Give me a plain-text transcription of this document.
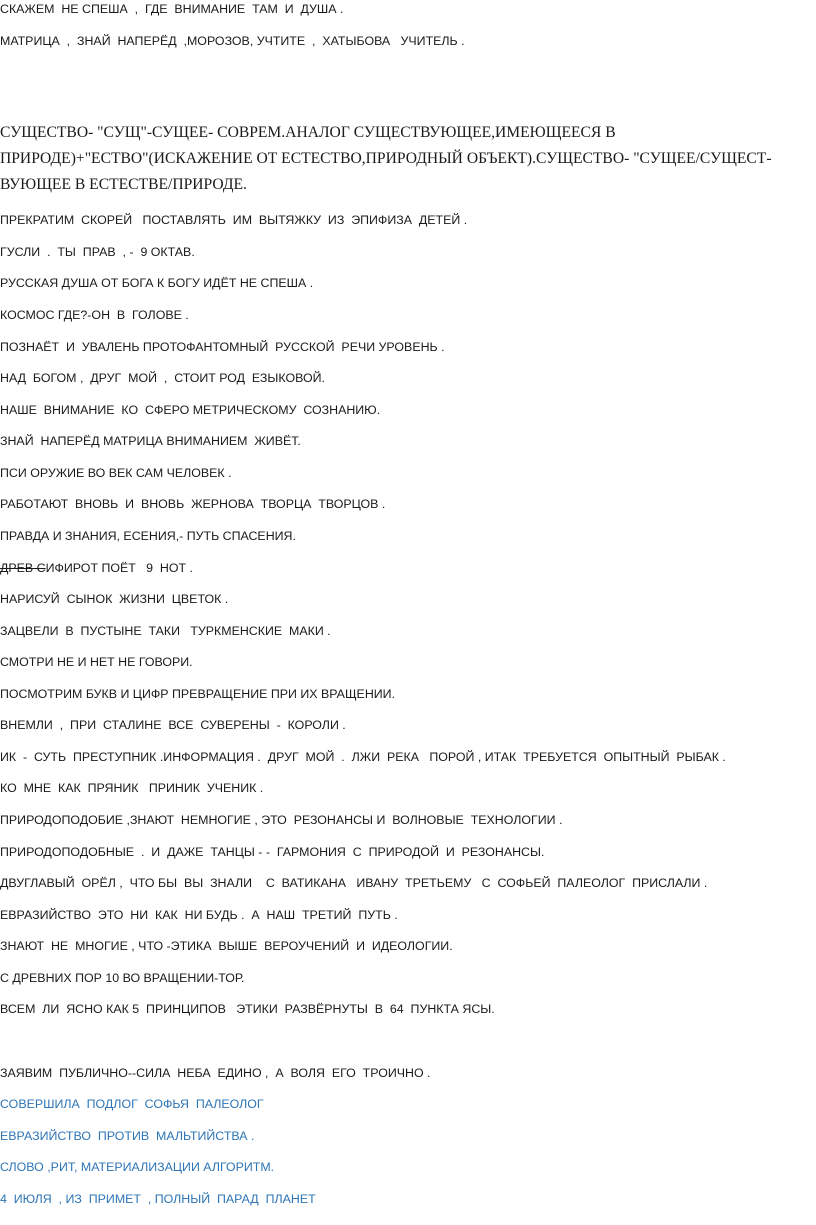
СКАЖЕМ  НЕ СПЕША  ,  ГДЕ  ВНИМАНИЕ  ТАМ  И  ДУША .
МАТРИЦА  ,  ЗНАЙ  НАПЕРЁД  ,МОРОЗОВ, УЧТИТЕ  ,  ХАТЫБОВА   УЧИТЕЛЬ .
СУЩЕСТВО- "СУЩ"-СУЩЕЕ- СОВРЕМ.АНАЛОГ СУЩЕСТВУЮЩЕЕ,ИМЕЮЩЕЕСЯ В
ПРИРОДЕ)+"ЕСТВО"(ИСКАЖЕНИЕ ОТ ЕСТЕСТВО,ПРИРОДНЫЙ ОБЪЕКТ).СУЩЕСТВО- "СУЩЕЕ/СУЩЕСТ-
ВУЮЩЕЕ В ЕСТЕСТВЕ/ПРИРОДЕ.
ПРЕКРАТИМ  СКОРЕЙ   ПОСТАВЛЯТЬ  ИМ  ВЫТЯЖКУ  ИЗ  ЭПИФИЗА  ДЕТЕЙ .
ГУСЛИ  .  ТЫ  ПРАВ  , -  9 ОКТАВ.
РУССКАЯ ДУША ОТ БОГА К БОГУ ИДЁТ НЕ СПЕША .
КОСМОС ГДЕ?-ОН  В  ГОЛОВЕ .
ПОЗНАЁТ  И  УВАЛЕНЬ ПРОТОФАНТОМНЫЙ  РУССКОЙ  РЕЧИ УРОВЕНЬ .
НАД  БОГОМ ,  ДРУГ  МОЙ  ,  СТОИТ РОД  ЕЗЫКОВОЙ.
НАШЕ  ВНИМАНИЕ  КО  СФЕРО МЕТРИЧЕСКОМУ  СОЗНАНИЮ.
ЗНАЙ  НАПЕРЁД МАТРИЦА ВНИМАНИЕМ  ЖИВЁТ.
ПСИ ОРУЖИЕ ВО ВЕК САМ ЧЕЛОВЕК .
РАБОТАЮТ  ВНОВЬ  И  ВНОВЬ  ЖЕРНОВА  ТВОРЦА  ТВОРЦОВ .
ПРАВДА И ЗНАНИЯ, ЕСЕНИЯ,- ПУТЬ СПАСЕНИЯ.
ДРЕВ СИФИРОТ ПОЁТ   9  НОТ .
НАРИСУЙ  СЫНОК  ЖИЗНИ  ЦВЕТОК .
ЗАЦВЕЛИ  В  ПУСТЫНЕ  ТАКИ   ТУРКМЕНСКИЕ  МАКИ .
СМОТРИ НЕ И НЕТ НЕ ГОВОРИ.
ПОСМОТРИМ БУКВ И ЦИФР ПРЕВРАЩЕНИЕ ПРИ ИХ ВРАЩЕНИИ.
ВНЕМЛИ  ,  ПРИ  СТАЛИНЕ  ВСЕ  СУВЕРЕНЫ  -  КОРОЛИ .
ИК  -  СУТЬ  ПРЕСТУПНИК .ИНФОРМАЦИЯ .  ДРУГ  МОЙ  .  ЛЖИ  РЕКА   ПОРОЙ , ИТАК  ТРЕБУЕТСЯ  ОПЫТНЫЙ  РЫБАК .
КО  МНЕ  КАК  ПРЯНИК   ПРИНИК  УЧЕНИК .
ПРИРОДОПОДОБИЕ ,ЗНАЮТ  НЕМНОГИЕ , ЭТО  РЕЗОНАНСЫ И  ВОЛНОВЫЕ  ТЕХНОЛОГИИ .
ПРИРОДОПОДОБНЫЕ  .  И  ДАЖЕ  ТАНЦЫ - -  ГАРМОНИЯ  С  ПРИРОДОЙ  И  РЕЗОНАНСЫ.
ДВУГЛАВЫЙ  ОРЁЛ ,  ЧТО БЫ  ВЫ  ЗНАЛИ    С  ВАТИКАНА   ИВАНУ  ТРЕТЬЕМУ   С  СОФЬЕЙ  ПАЛЕОЛОГ  ПРИСЛАЛИ .
ЕВРАЗИЙСТВО  ЭТО  НИ  КАК  НИ БУДЬ .  А  НАШ  ТРЕТИЙ  ПУТЬ .
ЗНАЮТ  НЕ  МНОГИЕ , ЧТО -ЭТИКА  ВЫШЕ  ВЕРОУЧЕНИЙ  И  ИДЕОЛОГИИ.
С ДРЕВНИХ ПОР 10 ВО ВРАЩЕНИИ-ТОР.
ВСЕМ  ЛИ  ЯСНО КАК 5  ПРИНЦИПОВ   ЭТИКИ  РАЗВЁРНУТЫ  В  64  ПУНКТА ЯСЫ.
ЗАЯВИМ  ПУБЛИЧНО--СИЛА  НЕБА  ЕДИНО ,  А  ВОЛЯ  ЕГО  ТРОИЧНО .
СОВЕРШИЛА  ПОДЛОГ  СОФЬЯ  ПАЛЕОЛОГ
ЕВРАЗИЙСТВО  ПРОТИВ  МАЛЬТИЙСТВА .
СЛОВО ,РИТ, МАТЕРИАЛИЗАЦИИ АЛГОРИТМ.
4  ИЮЛЯ  , ИЗ  ПРИМЕТ  , ПОЛНЫЙ  ПАРАД  ПЛАНЕТ
